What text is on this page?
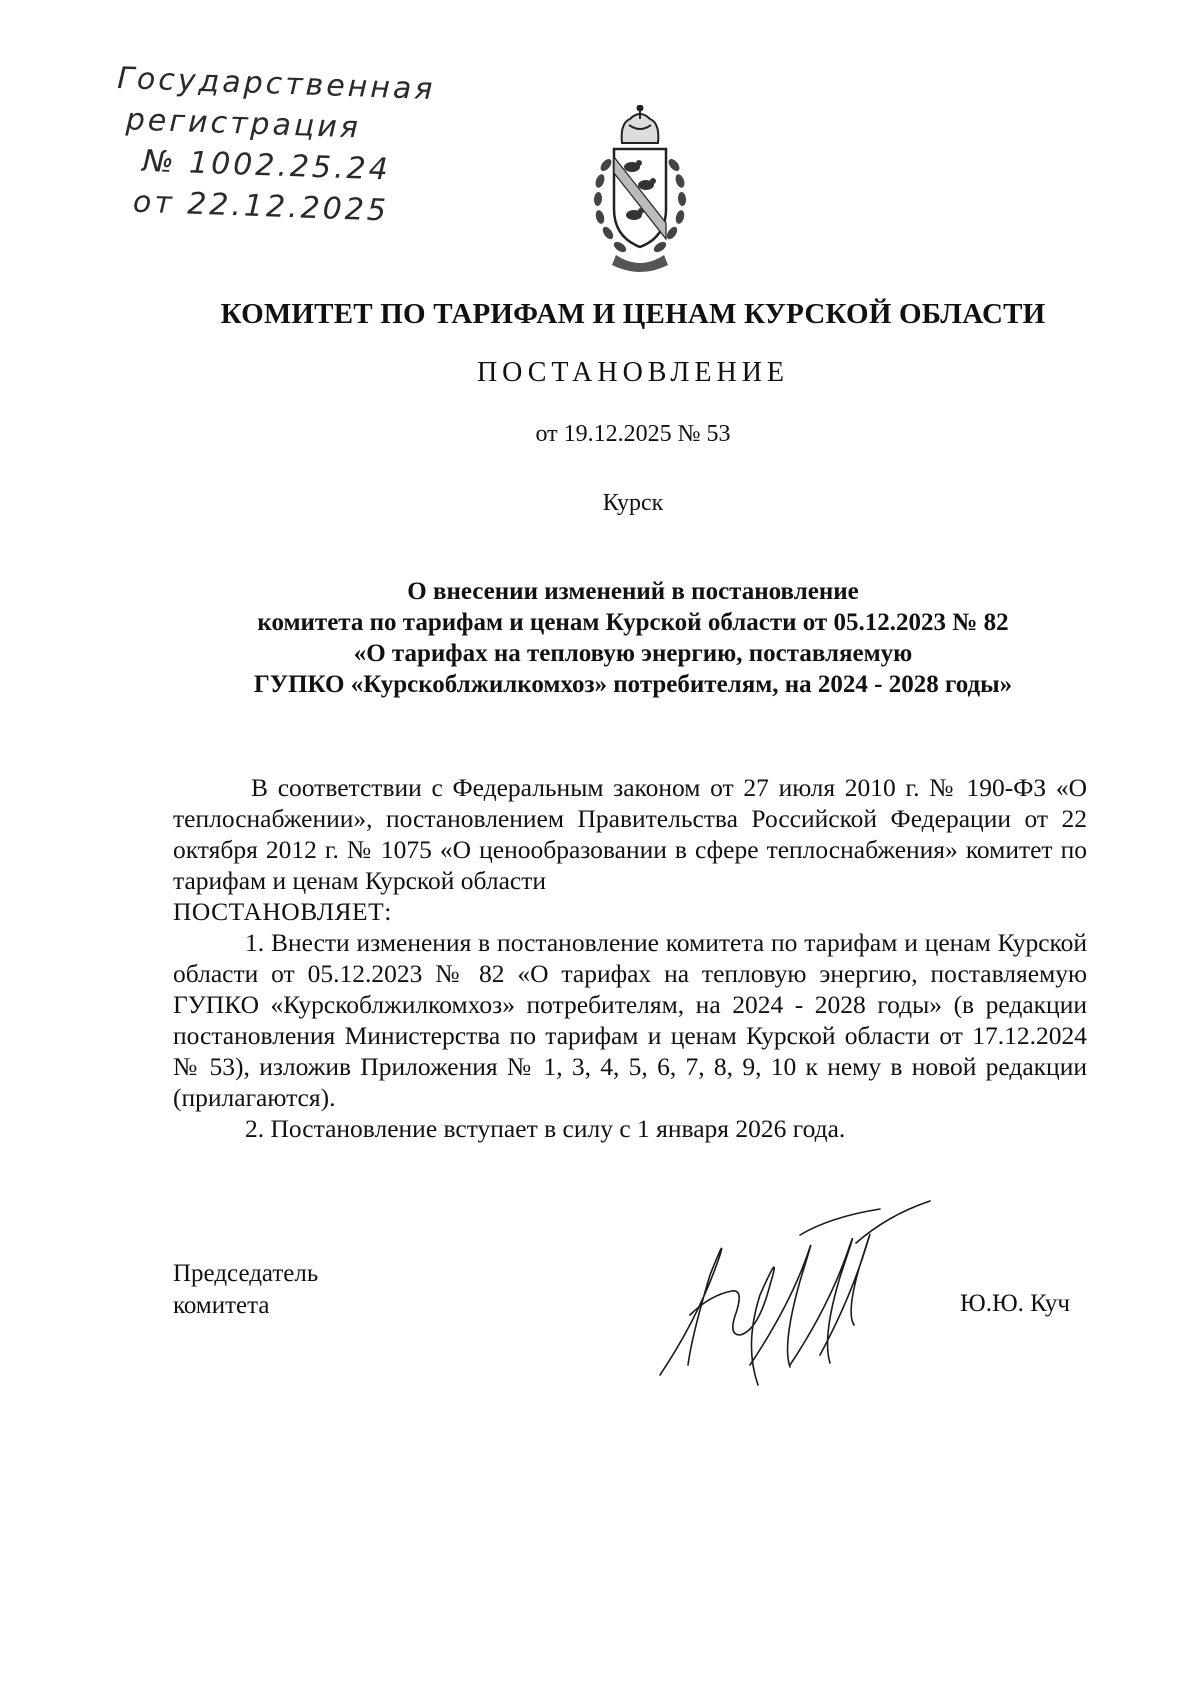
Государственная
регистрация
№ 1002.25.24
от 22.12.2025
КОМИТЕТ ПО ТАРИФАМ И ЦЕНАМ КУРСКОЙ ОБЛАСТИ
ПОСТАНОВЛЕНИЕ
от 19.12.2025 № 53
Курск
О внесении изменений в постановление
комитета по тарифам и ценам Курской области от 05.12.2023 № 82
«О тарифах на тепловую энергию, поставляемую
ГУПКО «Курскоблжилкомхоз» потребителям, на 2024 - 2028 годы»

В соответствии с Федеральным законом от 27 июля 2010 г. № 190-ФЗ «О теплоснабжении», постановлением Правительства Российской Федерации от 22 октября 2012 г. № 1075 «О ценообразовании в сфере теплоснабжения» комитет по тарифам и ценам Курской области

ПОСТАНОВЛЯЕТ:

1. Внести изменения в постановление комитета по тарифам и ценам Курской области от 05.12.2023 № 82 «О тарифах на тепловую энергию, поставляемую ГУПКО «Курскоблжилкомхоз» потребителям, на 2024 - 2028 годы» (в редакции постановления Министерства по тарифам и ценам Курской области от 17.12.2024 № 53), изложив Приложения № 1, 3, 4, 5, 6, 7, 8, 9, 10 к нему в новой редакции (прилагаются).

2. Постановление вступает в силу с 1 января 2026 года.

Председатель
комитета	Ю.Ю. Куч
